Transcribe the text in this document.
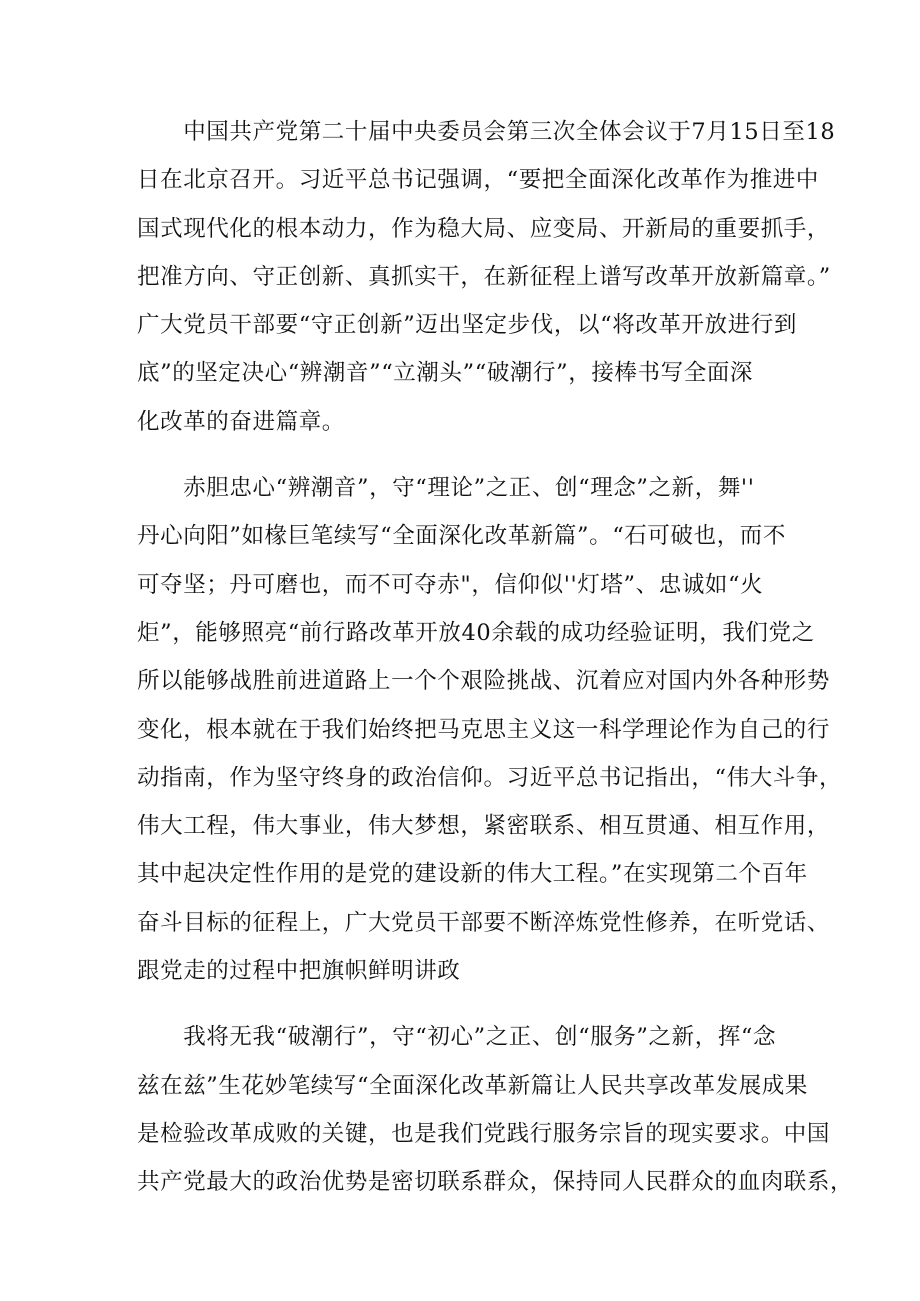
　　中国共产党第二十届中央委员会第三次全体会议于7月15日至18
日在北京召开。习近平总书记强调，“要把全面深化改革作为推进中
国式现代化的根本动力，作为稳大局、应变局、开新局的重要抓手，
把准方向、守正创新、真抓实干，在新征程上谱写改革开放新篇章。”
广大党员干部要“守正创新”迈出坚定步伐，以“将改革开放进行到
底”的坚定决心“辨潮音”“立潮头”“破潮行”，接棒书写全面深
化改革的奋进篇章。
　　赤胆忠心“辨潮音”，守“理论”之正、创“理念”之新，舞''
丹心向阳”如椽巨笔续写“全面深化改革新篇”。“石可破也，而不
可夺坚；丹可磨也，而不可夺赤"，信仰似''灯塔”、忠诚如“火
炬”，能够照亮“前行路改革开放40余载的成功经验证明，我们党之
所以能够战胜前进道路上一个个艰险挑战、沉着应对国内外各种形势
变化，根本就在于我们始终把马克思主义这一科学理论作为自己的行
动指南，作为坚守终身的政治信仰。习近平总书记指出，“伟大斗争，
伟大工程，伟大事业，伟大梦想，紧密联系、相互贯通、相互作用，
其中起决定性作用的是党的建设新的伟大工程。”在实现第二个百年
奋斗目标的征程上，广大党员干部要不断淬炼党性修养，在听党话、
跟党走的过程中把旗帜鲜明讲政
　　我将无我“破潮行”，守“初心”之正、创“服务”之新，挥“念
兹在兹”生花妙笔续写“全面深化改革新篇让人民共享改革发展成果
是检验改革成败的关键，也是我们党践行服务宗旨的现实要求。中国
共产党最大的政治优势是密切联系群众，保持同人民群众的血肉联系，
